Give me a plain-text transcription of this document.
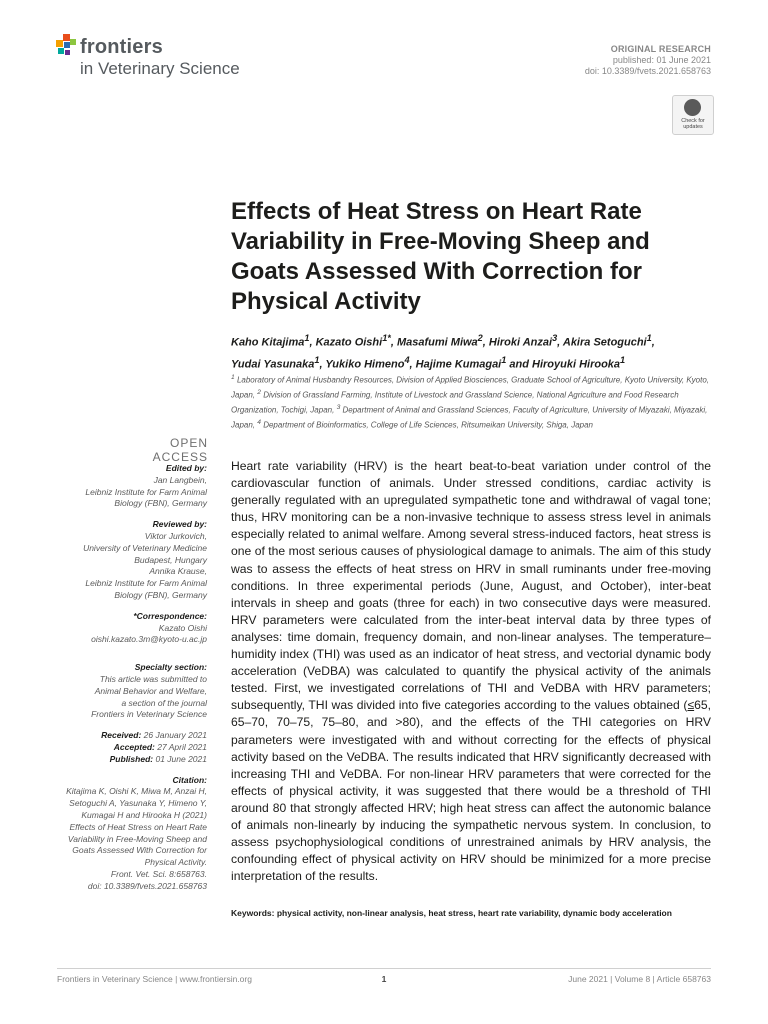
frontiers
in Veterinary Science
ORIGINAL RESEARCH
published: 01 June 2021
doi: 10.3389/fvets.2021.658763
Check for updates
Effects of Heat Stress on Heart Rate Variability in Free-Moving Sheep and Goats Assessed With Correction for Physical Activity
Kaho Kitajima$^1$, Kazato Oishi$^{1*}$, Masafumi Miwa$^2$, Hiroki Anzai$^3$, Akira Setoguchi$^1$,
Yudai Yasunaka$^1$, Yukiko Himeno$^4$, Hajime Kumagai$^1$ and Hiroyuki Hirooka$^1$
$^1$ Laboratory of Animal Husbandry Resources, Division of Applied Biosciences, Graduate School of Agriculture, Kyoto University, Kyoto, Japan, $^2$ Division of Grassland Farming, Institute of Livestock and Grassland Science, National Agriculture and Food Research Organization, Tochigi, Japan, $^3$ Department of Animal and Grassland Sciences, Faculty of Agriculture, University of Miyazaki, Miyazaki, Japan, $^4$ Department of Bioinformatics, College of Life Sciences, Ritsumeikan University, Shiga, Japan
OPEN ACCESS
Edited by:
Jan Langbein,
Leibniz Institute for Farm Animal
Biology (FBN), Germany
Reviewed by:
Viktor Jurkovich,
University of Veterinary Medicine
Budapest, Hungary
Annika Krause,
Leibniz Institute for Farm Animal
Biology (FBN), Germany
*Correspondence:
Kazato Oishi
oishi.kazato.3m@kyoto-u.ac.jp
Specialty section:
This article was submitted to
Animal Behavior and Welfare,
a section of the journal
Frontiers in Veterinary Science
Received: 26 January 2021
Accepted: 27 April 2021
Published: 01 June 2021
Citation:
Kitajima K, Oishi K, Miwa M, Anzai H,
Setoguchi A, Yasunaka Y, Himeno Y,
Kumagai H and Hirooka H (2021)
Effects of Heat Stress on Heart Rate
Variability in Free-Moving Sheep and
Goats Assessed With Correction for
Physical Activity.
Front. Vet. Sci. 8:658763.
doi: 10.3389/fvets.2021.658763
Heart rate variability (HRV) is the heart beat-to-beat variation under control of the cardiovascular function of animals. Under stressed conditions, cardiac activity is generally regulated with an upregulated sympathetic tone and withdrawal of vagal tone; thus, HRV monitoring can be a non-invasive technique to assess stress level in animals especially related to animal welfare. Among several stress-induced factors, heat stress is one of the most serious causes of physiological damage to animals. The aim of this study was to assess the effects of heat stress on HRV in small ruminants under free-moving conditions. In three experimental periods (June, August, and October), inter-beat intervals in sheep and goats (three for each) in two consecutive days were measured. HRV parameters were calculated from the inter-beat interval data by three types of analyses: time domain, frequency domain, and non-linear analyses. The temperature–humidity index (THI) was used as an indicator of heat stress, and vectorial dynamic body acceleration (VeDBA) was calculated to quantify the physical activity of the animals tested. First, we investigated correlations of THI and VeDBA with HRV parameters; subsequently, THI was divided into five categories according to the values obtained (≤65, 65–70, 70–75, 75–80, and >80), and the effects of the THI categories on HRV parameters were investigated with and without correcting for the effects of physical activity based on the VeDBA. The results indicated that HRV significantly decreased with increasing THI and VeDBA. For non-linear HRV parameters that were corrected for the effects of physical activity, it was suggested that there would be a threshold of THI around 80 that strongly affected HRV; high heat stress can affect the autonomic balance of animals non-linearly by inducing the sympathetic nervous system. In conclusion, to assess psychophysiological conditions of unrestrained animals by HRV analysis, the confounding effect of physical activity on HRV should be minimized for a more precise interpretation of the results.
Keywords: physical activity, non-linear analysis, heat stress, heart rate variability, dynamic body acceleration
Frontiers in Veterinary Science | www.frontiersin.org	1	June 2021 | Volume 8 | Article 658763
